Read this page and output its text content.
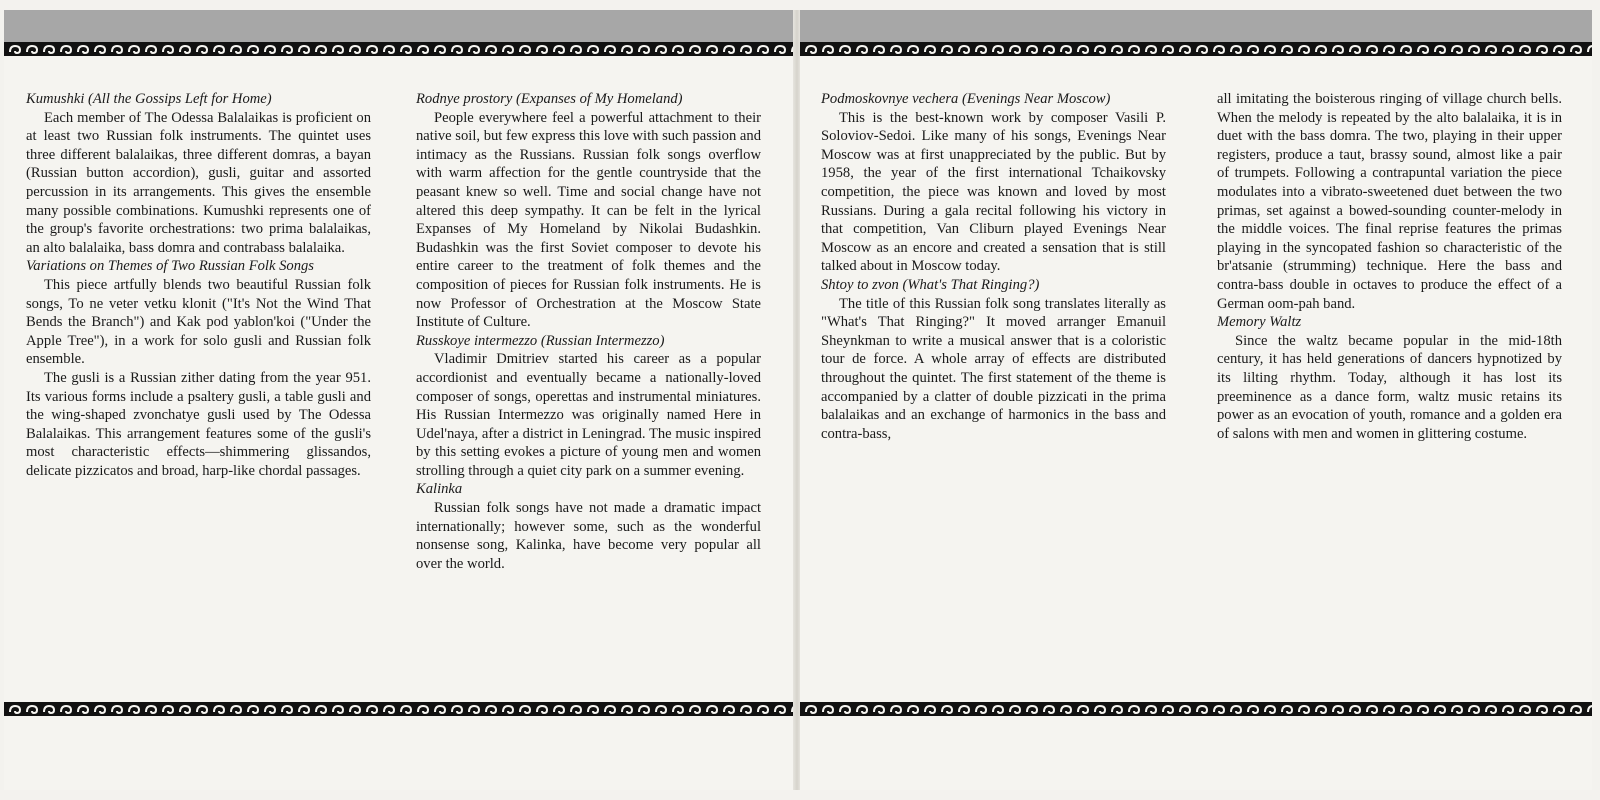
Kumushki (All the Gossips Left for Home)

Each member of The Odessa Balalaikas is proficient on at least two Russian folk instruments. The quintet uses three different balalaikas, three different domras, a bayan (Russian button accordion), gusli, guitar and assorted percussion in its arrangements. This gives the ensemble many possible combinations. Kumushki represents one of the group's favorite orchestrations: two prima balalaikas, an alto balalaika, bass domra and contrabass balalaika.

Variations on Themes of Two Russian Folk Songs

This piece artfully blends two beautiful Russian folk songs, To ne veter vetku klonit ("It's Not the Wind That Bends the Branch") and Kak pod yablon'koi ("Under the Apple Tree"), in a work for solo gusli and Russian folk ensemble.

The gusli is a Russian zither dating from the year 951. Its various forms include a psaltery gusli, a table gusli and the wing-shaped zvonchatye gusli used by The Odessa Balalaikas. This arrangement features some of the gusli's most characteristic effects—shimmering glissandos, delicate pizzicatos and broad, harp-like chordal passages.

Rodnye prostory (Expanses of My Homeland)

People everywhere feel a powerful attachment to their native soil, but few express this love with such passion and intimacy as the Russians. Russian folk songs overflow with warm affection for the gentle countryside that the peasant knew so well. Time and social change have not altered this deep sympathy. It can be felt in the lyrical Expanses of My Homeland by Nikolai Budashkin. Budashkin was the first Soviet composer to devote his entire career to the treatment of folk themes and the composition of pieces for Russian folk instruments. He is now Professor of Orchestration at the Moscow State Institute of Culture.

Russkoye intermezzo (Russian Intermezzo)

Vladimir Dmitriev started his career as a popular accordionist and eventually became a nationally-loved composer of songs, operettas and instrumental miniatures. His Russian Intermezzo was originally named Here in Udel'naya, after a district in Leningrad. The music inspired by this setting evokes a picture of young men and women strolling through a quiet city park on a summer evening.

Kalinka

Russian folk songs have not made a dramatic impact internationally; however some, such as the wonderful nonsense song, Kalinka, have become very popular all over the world.

Podmoskovnye vechera (Evenings Near Moscow)

This is the best-known work by composer Vasili P. Soloviov-Sedoi. Like many of his songs, Evenings Near Moscow was at first unappreciated by the public. But by 1958, the year of the first international Tchaikovsky competition, the piece was known and loved by most Russians. During a gala recital following his victory in that competition, Van Cliburn played Evenings Near Moscow as an encore and created a sensation that is still talked about in Moscow today.

Shtoy to zvon (What's That Ringing?)

The title of this Russian folk song translates literally as "What's That Ringing?" It moved arranger Emanuil Sheynkman to write a musical answer that is a coloristic tour de force. A whole array of effects are distributed throughout the quintet. The first statement of the theme is accompanied by a clatter of double pizzicati in the prima balalaikas and an exchange of harmonics in the bass and contra-bass,

all imitating the boisterous ringing of village church bells. When the melody is repeated by the alto balalaika, it is in duet with the bass domra. The two, playing in their upper registers, produce a taut, brassy sound, almost like a pair of trumpets. Following a contrapuntal variation the piece modulates into a vibrato-sweetened duet between the two primas, set against a bowed-sounding counter-melody in the middle voices. The final reprise features the primas playing in the syncopated fashion so characteristic of the br'atsanie (strumming) technique. Here the bass and contra-bass double in octaves to produce the effect of a German oom-pah band.

Memory Waltz

Since the waltz became popular in the mid-18th century, it has held generations of dancers hypnotized by its lilting rhythm. Today, although it has lost its preeminence as a dance form, waltz music retains its power as an evocation of youth, romance and a golden era of salons with men and women in glittering costume.
